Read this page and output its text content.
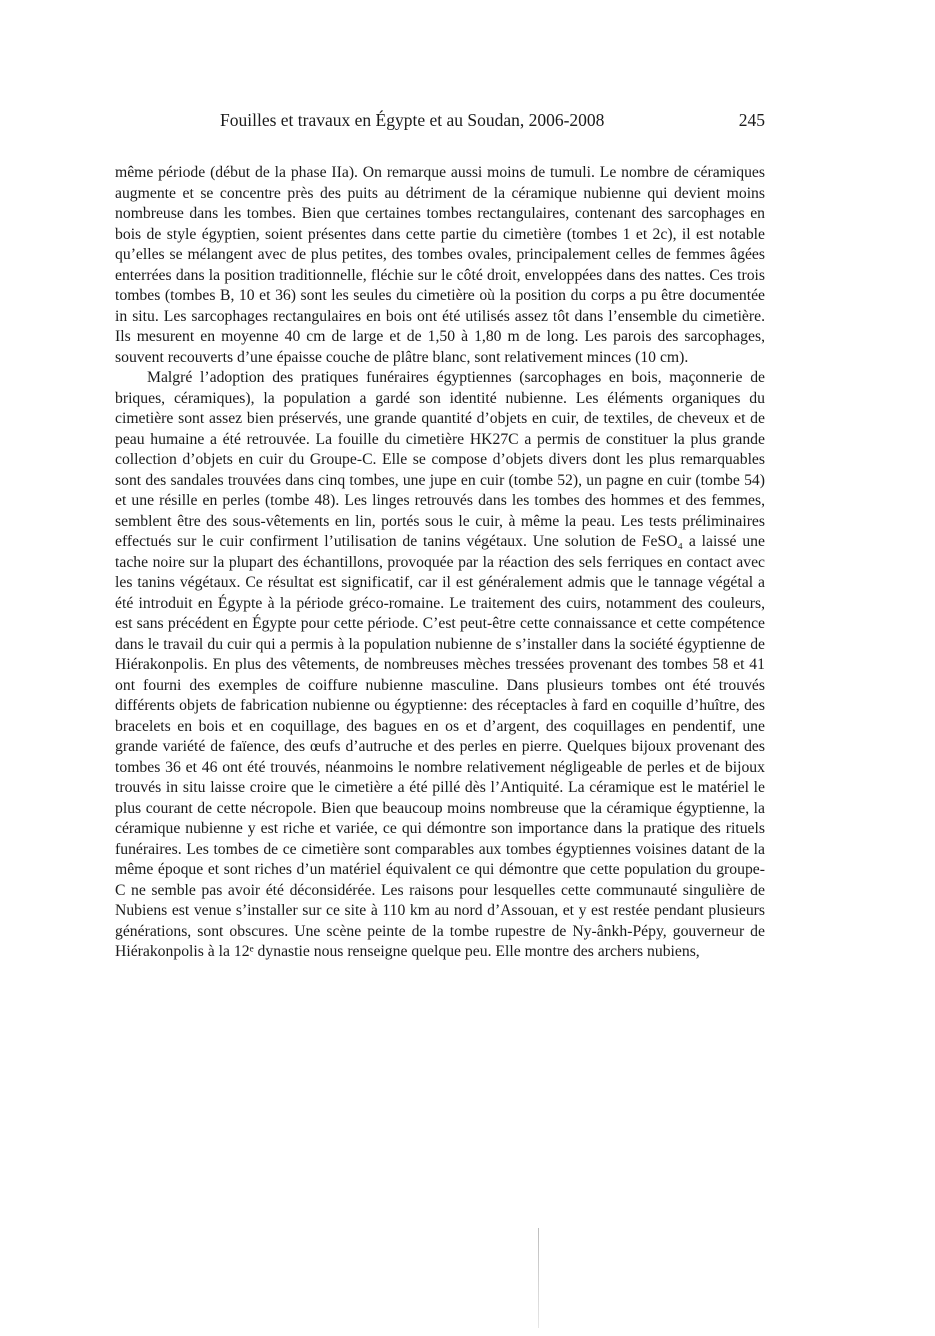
Fouilles et travaux en Égypte et au Soudan, 2006-2008	245

même période (début de la phase IIa). On remarque aussi moins de tumuli. Le nombre de céramiques augmente et se concentre près des puits au détriment de la céramique nubienne qui devient moins nombreuse dans les tombes. Bien que certaines tombes rectangulaires, contenant des sarcophages en bois de style égyptien, soient présentes dans cette partie du cimetière (tombes 1 et 2c), il est notable qu’elles se mélangent avec de plus petites, des tombes ovales, principalement celles de femmes âgées enterrées dans la position traditionnelle, fléchie sur le côté droit, enveloppées dans des nattes. Ces trois tombes (tombes B, 10 et 36) sont les seules du cimetière où la position du corps a pu être documentée in situ. Les sarcophages rectangulaires en bois ont été utilisés assez tôt dans l’ensemble du cimetière. Ils mesurent en moyenne 40 cm de large et de 1,50 à 1,80 m de long. Les parois des sarcophages, souvent recouverts d’une épaisse couche de plâtre blanc, sont relativement minces (10 cm).

Malgré l’adoption des pratiques funéraires égyptiennes (sarcophages en bois, maçonnerie de briques, céramiques), la population a gardé son identité nubienne. Les éléments organiques du cimetière sont assez bien préservés, une grande quantité d’objets en cuir, de textiles, de cheveux et de peau humaine a été retrouvée. La fouille du cimetière HK27C a permis de constituer la plus grande collection d’objets en cuir du Groupe-C. Elle se compose d’objets divers dont les plus remarquables sont des sandales trouvées dans cinq tombes, une jupe en cuir (tombe 52), un pagne en cuir (tombe 54) et une résille en perles (tombe 48). Les linges retrouvés dans les tombes des hommes et des femmes, semblent être des sous-vêtements en lin, portés sous le cuir, à même la peau. Les tests préliminaires effectués sur le cuir confirment l’utilisation de tanins végétaux. Une solution de FeSO₄ a laissé une tache noire sur la plupart des échantillons, provoquée par la réaction des sels ferriques en contact avec les tanins végétaux. Ce résultat est significatif, car il est généralement admis que le tannage végétal a été introduit en Égypte à la période gréco-romaine. Le traitement des cuirs, notamment des couleurs, est sans précédent en Égypte pour cette période. C’est peut-être cette connaissance et cette compétence dans le travail du cuir qui a permis à la population nubienne de s’installer dans la société égyptienne de Hiérakonpolis. En plus des vêtements, de nombreuses mèches tressées provenant des tombes 58 et 41 ont fourni des exemples de coiffure nubienne masculine. Dans plusieurs tombes ont été trouvés différents objets de fabrication nubienne ou égyptienne: des réceptacles à fard en coquille d’huître, des bracelets en bois et en coquillage, des bagues en os et d’argent, des coquillages en pendentif, une grande variété de faïence, des œufs d’autruche et des perles en pierre. Quelques bijoux provenant des tombes 36 et 46 ont été trouvés, néanmoins le nombre relativement négligeable de perles et de bijoux trouvés in situ laisse croire que le cimetière a été pillé dès l’Antiquité. La céramique est le matériel le plus courant de cette nécropole. Bien que beaucoup moins nombreuse que la céramique égyptienne, la céramique nubienne y est riche et variée, ce qui démontre son importance dans la pratique des rituels funéraires. Les tombes de ce cimetière sont comparables aux tombes égyptiennes voisines datant de la même époque et sont riches d’un matériel équivalent ce qui démontre que cette population du groupe-C ne semble pas avoir été déconsidérée. Les raisons pour lesquelles cette communauté singulière de Nubiens est venue s’installer sur ce site à 110 km au nord d’Assouan, et y est restée pendant plusieurs générations, sont obscures. Une scène peinte de la tombe rupestre de Ny-ânkh-Pépy, gouverneur de Hiérakonpolis à la 12ᵉ dynastie nous renseigne quelque peu. Elle montre des archers nubiens,
